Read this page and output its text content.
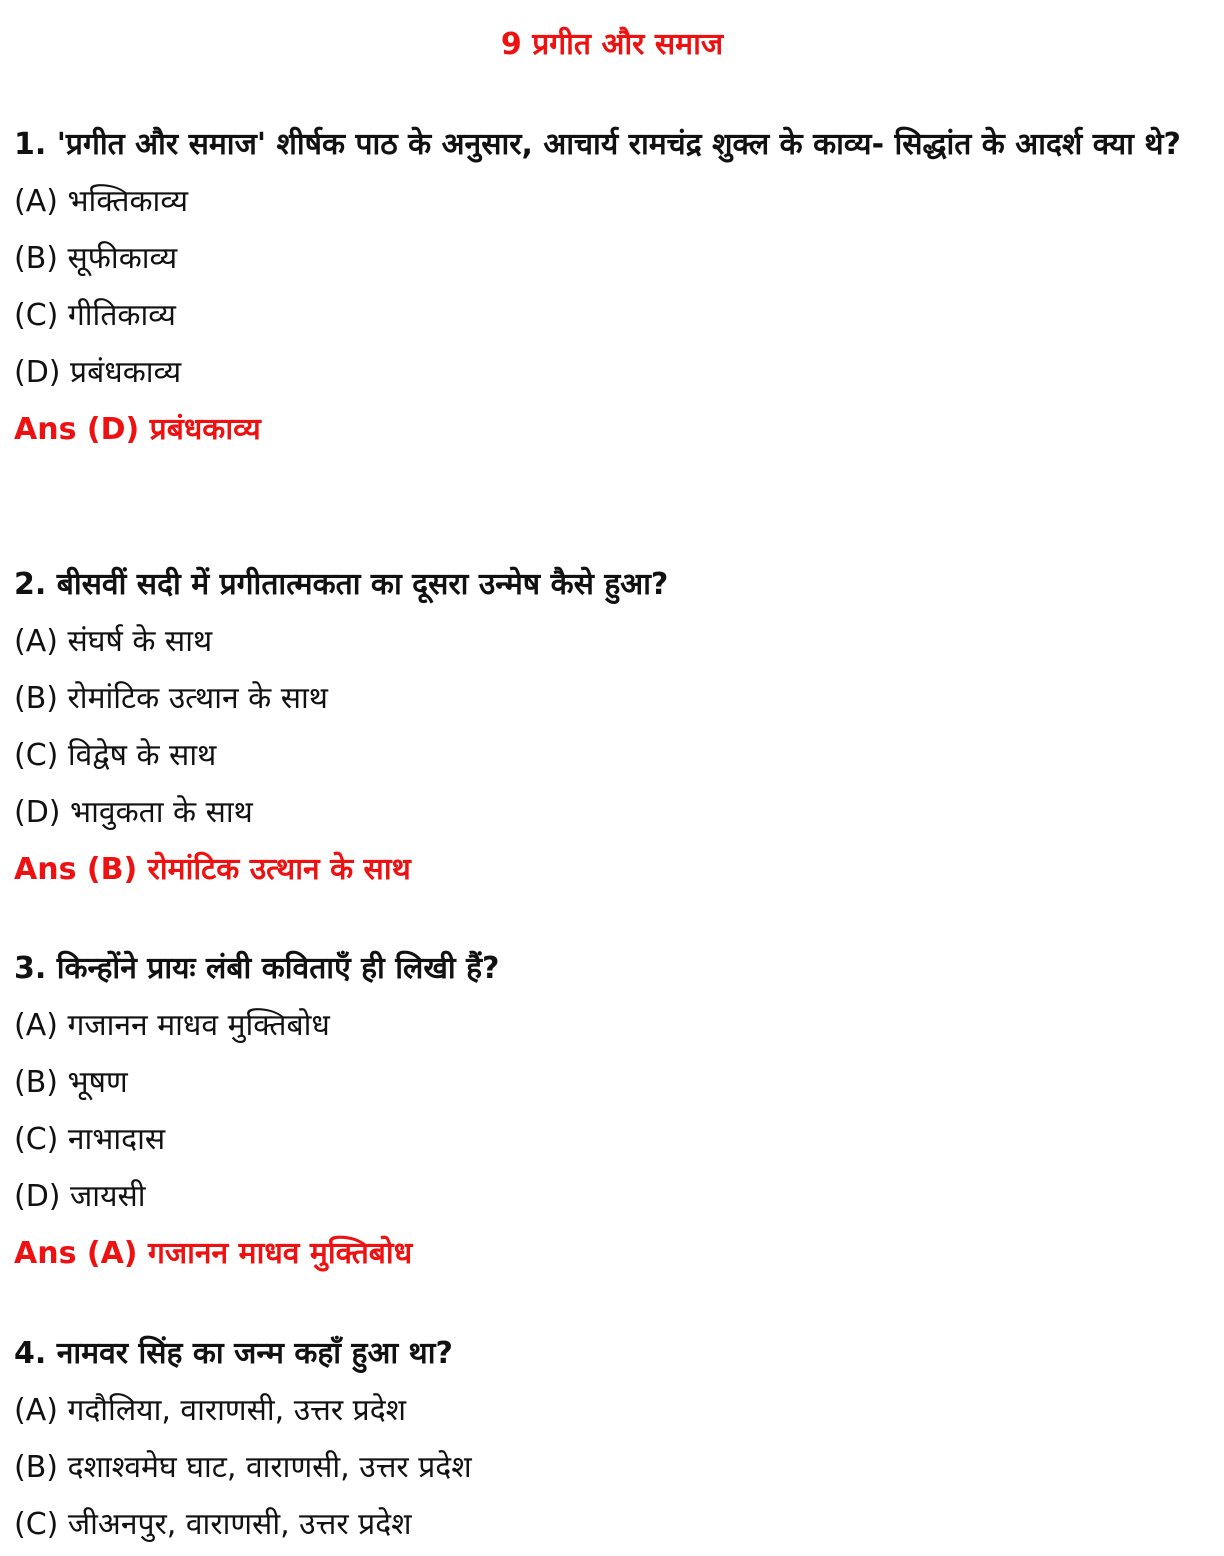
9 प्रगीत और समाज

1. 'प्रगीत और समाज' शीर्षक पाठ के अनुसार, आचार्य रामचंद्र शुक्ल के काव्य- सिद्धांत के आदर्श क्या थे?

(A) भक्तिकाव्य

(B) सूफीकाव्य

(C) गीतिकाव्य

(D) प्रबंधकाव्य

Ans (D) प्रबंधकाव्य

2. बीसवीं सदी में प्रगीतात्मकता का दूसरा उन्मेष कैसे हुआ?

(A) संघर्ष के साथ

(B) रोमांटिक उत्थान के साथ

(C) विद्वेष के साथ

(D) भावुकता के साथ

Ans (B) रोमांटिक उत्थान के साथ

3. किन्होंने प्रायः लंबी कविताएँ ही लिखी हैं?

(A) गजानन माधव मुक्तिबोध

(B) भूषण

(C) नाभादास

(D) जायसी

Ans (A) गजानन माधव मुक्तिबोध

4. नामवर सिंह का जन्म कहाँ हुआ था?

(A) गदौलिया, वाराणसी, उत्तर प्रदेश

(B) दशाश्वमेघ घाट, वाराणसी, उत्तर प्रदेश

(C) जीअनपुर, वाराणसी, उत्तर प्रदेश
